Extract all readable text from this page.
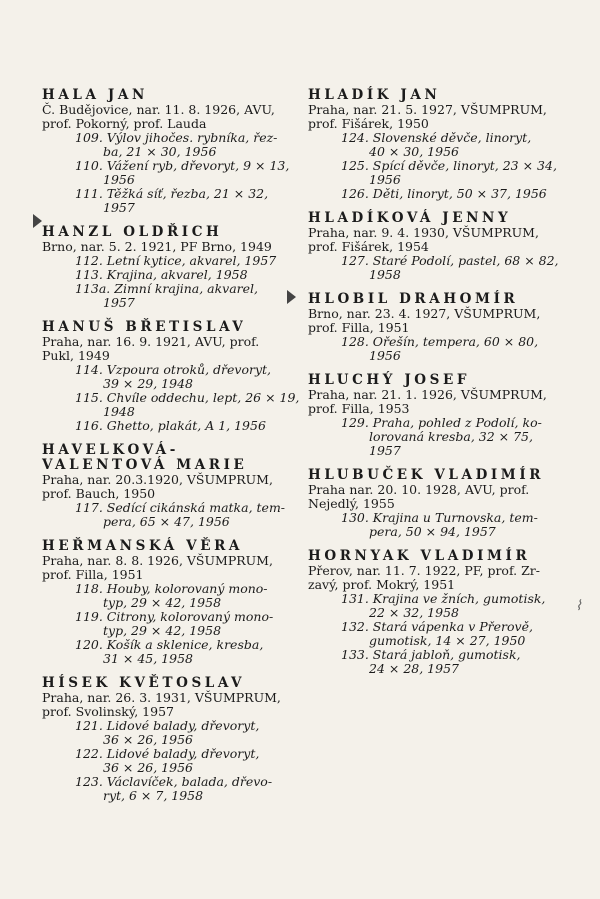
HALA JAN
Č. Budějovice, nar. 11. 8. 1926, AVU,
prof. Pokorný, prof. Lauda
109. Výlov jihočes. rybníka, řez-
ba, 21 × 30, 1956
110. Vážení ryb, dřevoryt, 9 × 13,
1956
111. Těžká síť, řezba, 21 × 32,
1957
HANZL OLDŘICH
Brno, nar. 5. 2. 1921, PF Brno, 1949
112. Letní kytice, akvarel, 1957
113. Krajina, akvarel, 1958
113a. Zimní krajina, akvarel,
1957
HANUŠ BŘETISLAV
Praha, nar. 16. 9. 1921, AVU, prof.
Pukl, 1949
114. Vzpoura otroků, dřevoryt,
39 × 29, 1948
115. Chvíle oddechu, lept, 26 × 19,
1948
116. Ghetto, plakát, A 1, 1956
HAVELKOVÁ-
VALENTOVÁ MARIE
Praha, nar. 20.3.1920, VŠUMPRUM,
prof. Bauch, 1950
117. Sedící cikánská matka, tem-
pera, 65 × 47, 1956
HEŘMANSKÁ VĚRA
Praha, nar. 8. 8. 1926, VŠUMPRUM,
prof. Filla, 1951
118. Houby, kolorovaný mono-
typ, 29 × 42, 1958
119. Citrony, kolorovaný mono-
typ, 29 × 42, 1958
120. Košík a sklenice, kresba,
31 × 45, 1958
HÍSEK KVĚTOSLAV
Praha, nar. 26. 3. 1931, VŠUMPRUM,
prof. Svolinský, 1957
121. Lidové balady, dřevoryt,
36 × 26, 1956
122. Lidové balady, dřevoryt,
36 × 26, 1956
123. Václavíček, balada, dřevo-
ryt, 6 × 7, 1958
HLADÍK JAN
Praha, nar. 21. 5. 1927, VŠUMPRUM,
prof. Fišárek, 1950
124. Slovenské děvče, linoryt,
40 × 30, 1956
125. Spící děvče, linoryt, 23 × 34,
1956
126. Děti, linoryt, 50 × 37, 1956
HLADÍKOVÁ JENNY
Praha, nar. 9. 4. 1930, VŠUMPRUM,
prof. Fišárek, 1954
127. Staré Podolí, pastel, 68 × 82,
1958
HLOBIL DRAHOMÍR
Brno, nar. 23. 4. 1927, VŠUMPRUM,
prof. Filla, 1951
128. Ořešín, tempera, 60 × 80,
1956
HLUCHÝ JOSEF
Praha, nar. 21. 1. 1926, VŠUMPRUM,
prof. Filla, 1953
129. Praha, pohled z Podolí, ko-
lorovaná kresba, 32 × 75,
1957
HLUBUČEK VLADIMÍR
Praha nar. 20. 10. 1928, AVU, prof.
Nejedlý, 1955
130. Krajina u Turnovska, tem-
pera, 50 × 94, 1957
HORNYAK VLADIMÍR
Přerov, nar. 11. 7. 1922, PF, prof. Zr-
zavý, prof. Mokrý, 1951
131. Krajina ve žních, gumotisk,
22 × 32, 1958
132. Stará vápenka v Přerově,
gumotisk, 14 × 27, 1950
133. Stará jabloň, gumotisk,
24 × 28, 1957
⌇
